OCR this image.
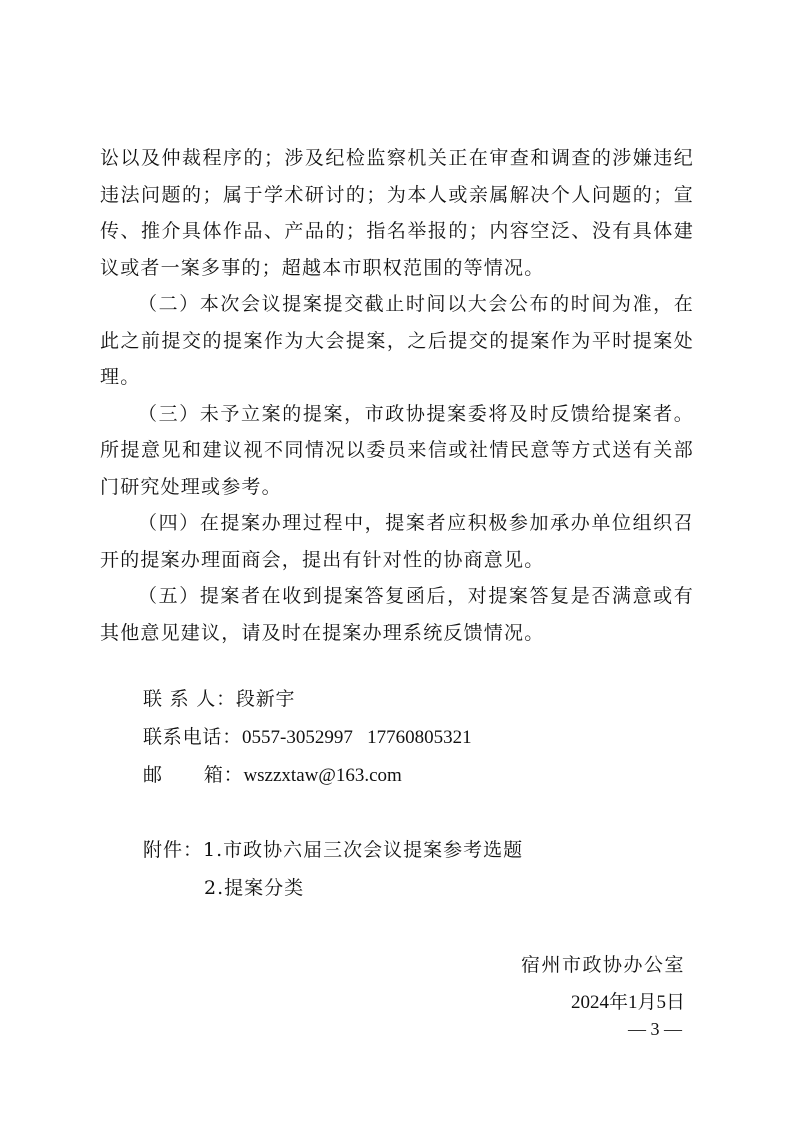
讼以及仲裁程序的；涉及纪检监察机关正在审查和调查的涉嫌违纪违法问题的；属于学术研讨的；为本人或亲属解决个人问题的；宣传、推介具体作品、产品的；指名举报的；内容空泛、没有具体建议或者一案多事的；超越本市职权范围的等情况。

（二）本次会议提案提交截止时间以大会公布的时间为准，在此之前提交的提案作为大会提案，之后提交的提案作为平时提案处理。

（三）未予立案的提案，市政协提案委将及时反馈给提案者。所提意见和建议视不同情况以委员来信或社情民意等方式送有关部门研究处理或参考。

（四）在提案办理过程中，提案者应积极参加承办单位组织召开的提案办理面商会，提出有针对性的协商意见。

（五）提案者在收到提案答复函后，对提案答复是否满意或有其他意见建议，请及时在提案办理系统反馈情况。

联 系 人：段新宇
联系电话：0557-3052997   17760805321
邮      箱：wszzxtaw@163.com
附件：1.市政协六届三次会议提案参考选题
2.提案分类
宿州市政协办公室
2024年1月5日
— 3 —
